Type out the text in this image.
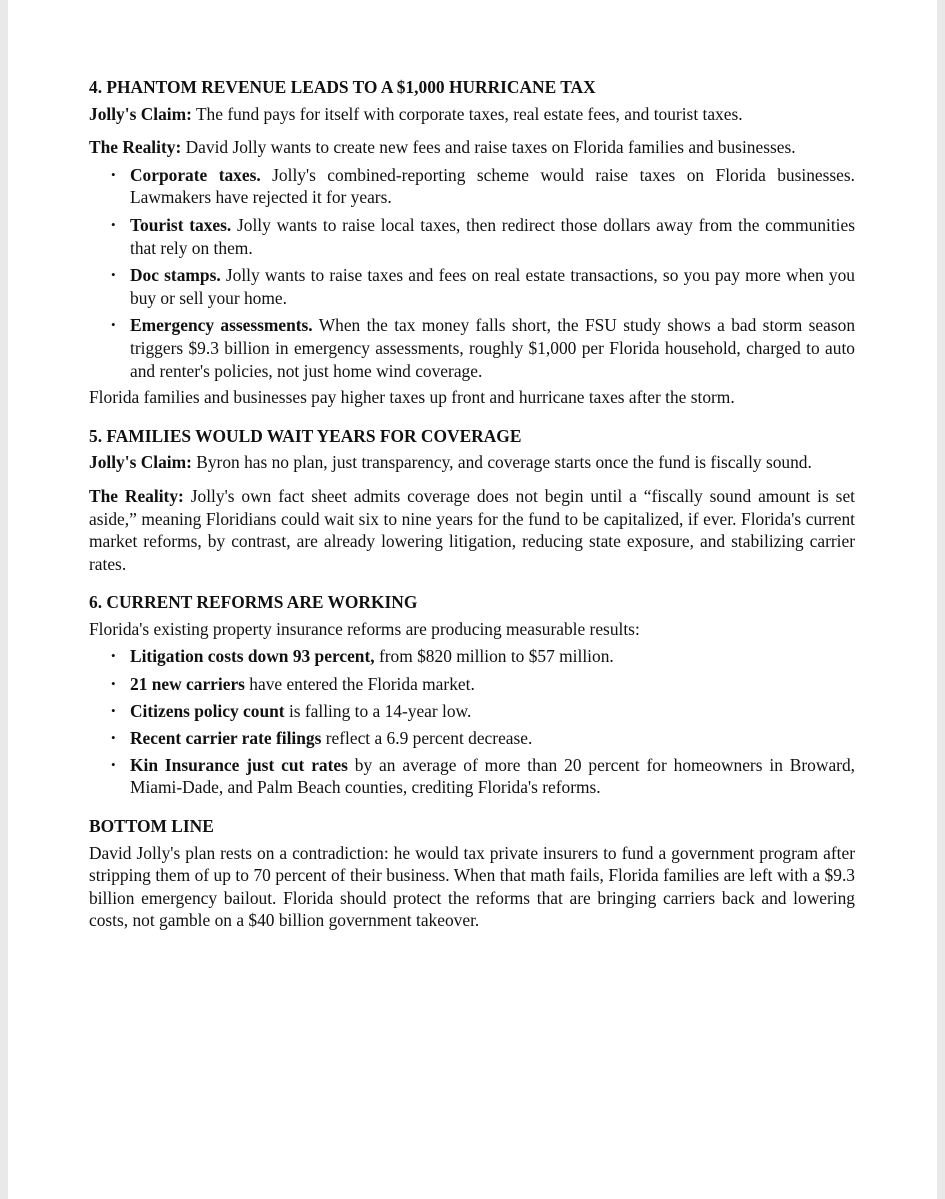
4. PHANTOM REVENUE LEADS TO A $1,000 HURRICANE TAX

Jolly's Claim: The fund pays for itself with corporate taxes, real estate fees, and tourist taxes.

The Reality: David Jolly wants to create new fees and raise taxes on Florida families and businesses.

• Corporate taxes. Jolly's combined-reporting scheme would raise taxes on Florida businesses. Lawmakers have rejected it for years.
• Tourist taxes. Jolly wants to raise local taxes, then redirect those dollars away from the communities that rely on them.
• Doc stamps. Jolly wants to raise taxes and fees on real estate transactions, so you pay more when you buy or sell your home.
• Emergency assessments. When the tax money falls short, the FSU study shows a bad storm season triggers $9.3 billion in emergency assessments, roughly $1,000 per Florida household, charged to auto and renter's policies, not just home wind coverage.

Florida families and businesses pay higher taxes up front and hurricane taxes after the storm.

5. FAMILIES WOULD WAIT YEARS FOR COVERAGE

Jolly's Claim: Byron has no plan, just transparency, and coverage starts once the fund is fiscally sound.

The Reality: Jolly's own fact sheet admits coverage does not begin until a “fiscally sound amount is set aside,” meaning Floridians could wait six to nine years for the fund to be capitalized, if ever. Florida's current market reforms, by contrast, are already lowering litigation, reducing state exposure, and stabilizing carrier rates.

6. CURRENT REFORMS ARE WORKING

Florida's existing property insurance reforms are producing measurable results:

• Litigation costs down 93 percent, from $820 million to $57 million.
• 21 new carriers have entered the Florida market.
• Citizens policy count is falling to a 14-year low.
• Recent carrier rate filings reflect a 6.9 percent decrease.
• Kin Insurance just cut rates by an average of more than 20 percent for homeowners in Broward, Miami-Dade, and Palm Beach counties, crediting Florida's reforms.
BOTTOM LINE

David Jolly's plan rests on a contradiction: he would tax private insurers to fund a government program after stripping them of up to 70 percent of their business. When that math fails, Florida families are left with a $9.3 billion emergency bailout. Florida should protect the reforms that are bringing carriers back and lowering costs, not gamble on a $40 billion government takeover.
